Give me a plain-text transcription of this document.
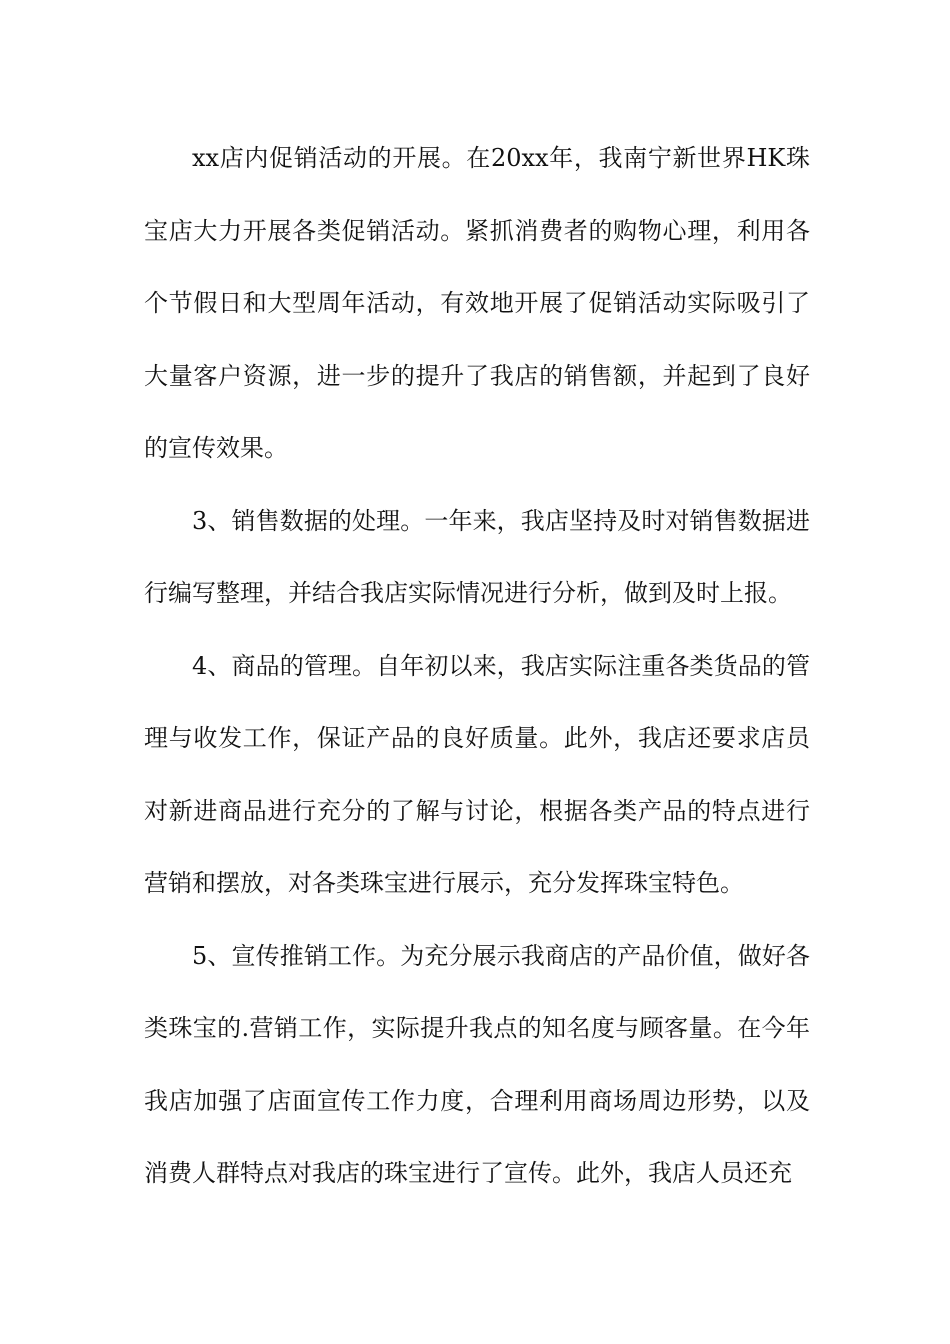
xx店内促销活动的开展。在20xx年，我南宁新世界HK珠宝店大力开展各类促销活动。紧抓消费者的购物心理，利用各个节假日和大型周年活动，有效地开展了促销活动实际吸引了大量客户资源，进一步的提升了我店的销售额，并起到了良好的宣传效果。

3、销售数据的处理。一年来，我店坚持及时对销售数据进行编写整理，并结合我店实际情况进行分析，做到及时上报。

4、商品的管理。自年初以来，我店实际注重各类货品的管理与收发工作，保证产品的良好质量。此外，我店还要求店员对新进商品进行充分的了解与讨论，根据各类产品的特点进行营销和摆放，对各类珠宝进行展示，充分发挥珠宝特色。

5、宣传推销工作。为充分展示我商店的产品价值，做好各类珠宝的.营销工作，实际提升我点的知名度与顾客量。在今年我店加强了店面宣传工作力度，合理利用商场周边形势，以及消费人群特点对我店的珠宝进行了宣传。此外，我店人员还充
